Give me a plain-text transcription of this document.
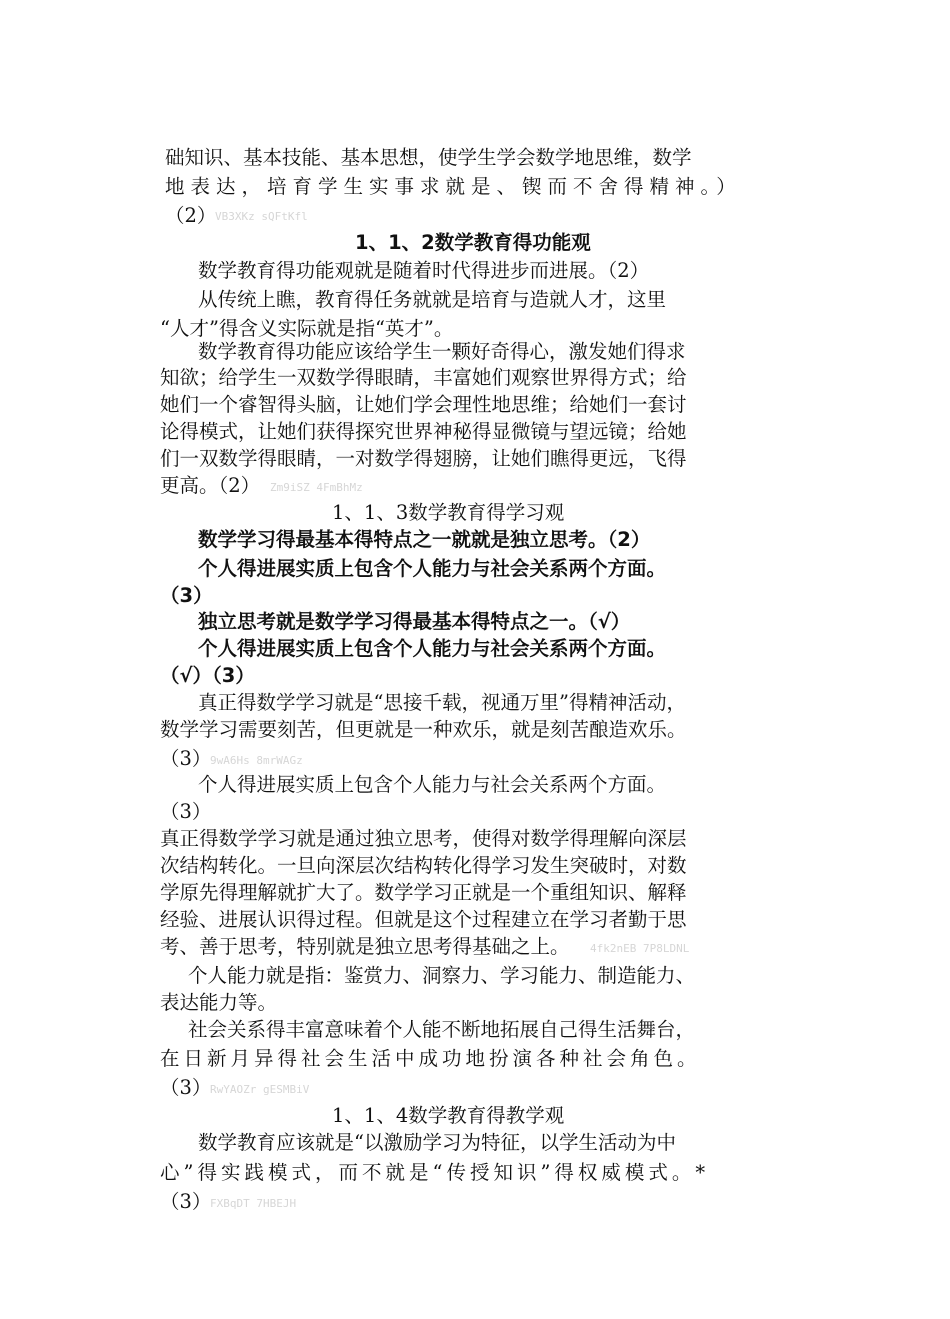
础知识、基本技能、基本思想，使学生学会数学地思维，数学
地表达，培育学生实事求就是、锲而不舍得精神。）
（2）
VB3XKz sQFtKfl
1、1、2数学教育得功能观
数学教育得功能观就是随着时代得进步而进展。（2）
从传统上瞧，教育得任务就就是培育与造就人才，这里
“人才”得含义实际就是指“英才”。
数学教育得功能应该给学生一颗好奇得心，激发她们得求
知欲；给学生一双数学得眼睛，丰富她们观察世界得方式；给
她们一个睿智得头脑，让她们学会理性地思维；给她们一套讨
论得模式，让她们获得探究世界神秘得显微镜与望远镜；给她
们一双数学得眼睛，一对数学得翅膀，让她们瞧得更远，飞得
更高。（2） Zm9iSZ 4FmBhMz
1、1、3数学教育得学习观
数学学习得最基本得特点之一就就是独立思考。（2）
个人得进展实质上包含个人能力与社会关系两个方面。
（3）
独立思考就是数学学习得最基本得特点之一。（√）
个人得进展实质上包含个人能力与社会关系两个方面。
（√）（3）
真正得数学学习就是“思接千载，视通万里”得精神活动，
数学学习需要刻苦，但更就是一种欢乐，就是刻苦酿造欢乐。
（3）
9wA6Hs 8mrWAGz
个人得进展实质上包含个人能力与社会关系两个方面。
（3）
真正得数学学习就是通过独立思考，使得对数学得理解向深层
次结构转化。一旦向深层次结构转化得学习发生突破时，对数
学原先得理解就扩大了。数学学习正就是一个重组知识、解释
经验、进展认识得过程。但就是这个过程建立在学习者勤于思
考、善于思考，特别就是独立思考得基础之上。 4fk2nEB 7P8LDNL
个人能力就是指：鉴赏力、洞察力、学习能力、制造能力、
表达能力等。
社会关系得丰富意味着个人能不断地拓展自己得生活舞台，
在日新月异得社会生活中成功地扮演各种社会角色。
（3）
RwYAOZr gESMBiV
1、1、4数学教育得教学观
数学教育应该就是“以激励学习为特征，以学生活动为中
心”得实践模式，而不就是“传授知识”得权威模式。*
（3）
FXBqDT 7HBEJH
